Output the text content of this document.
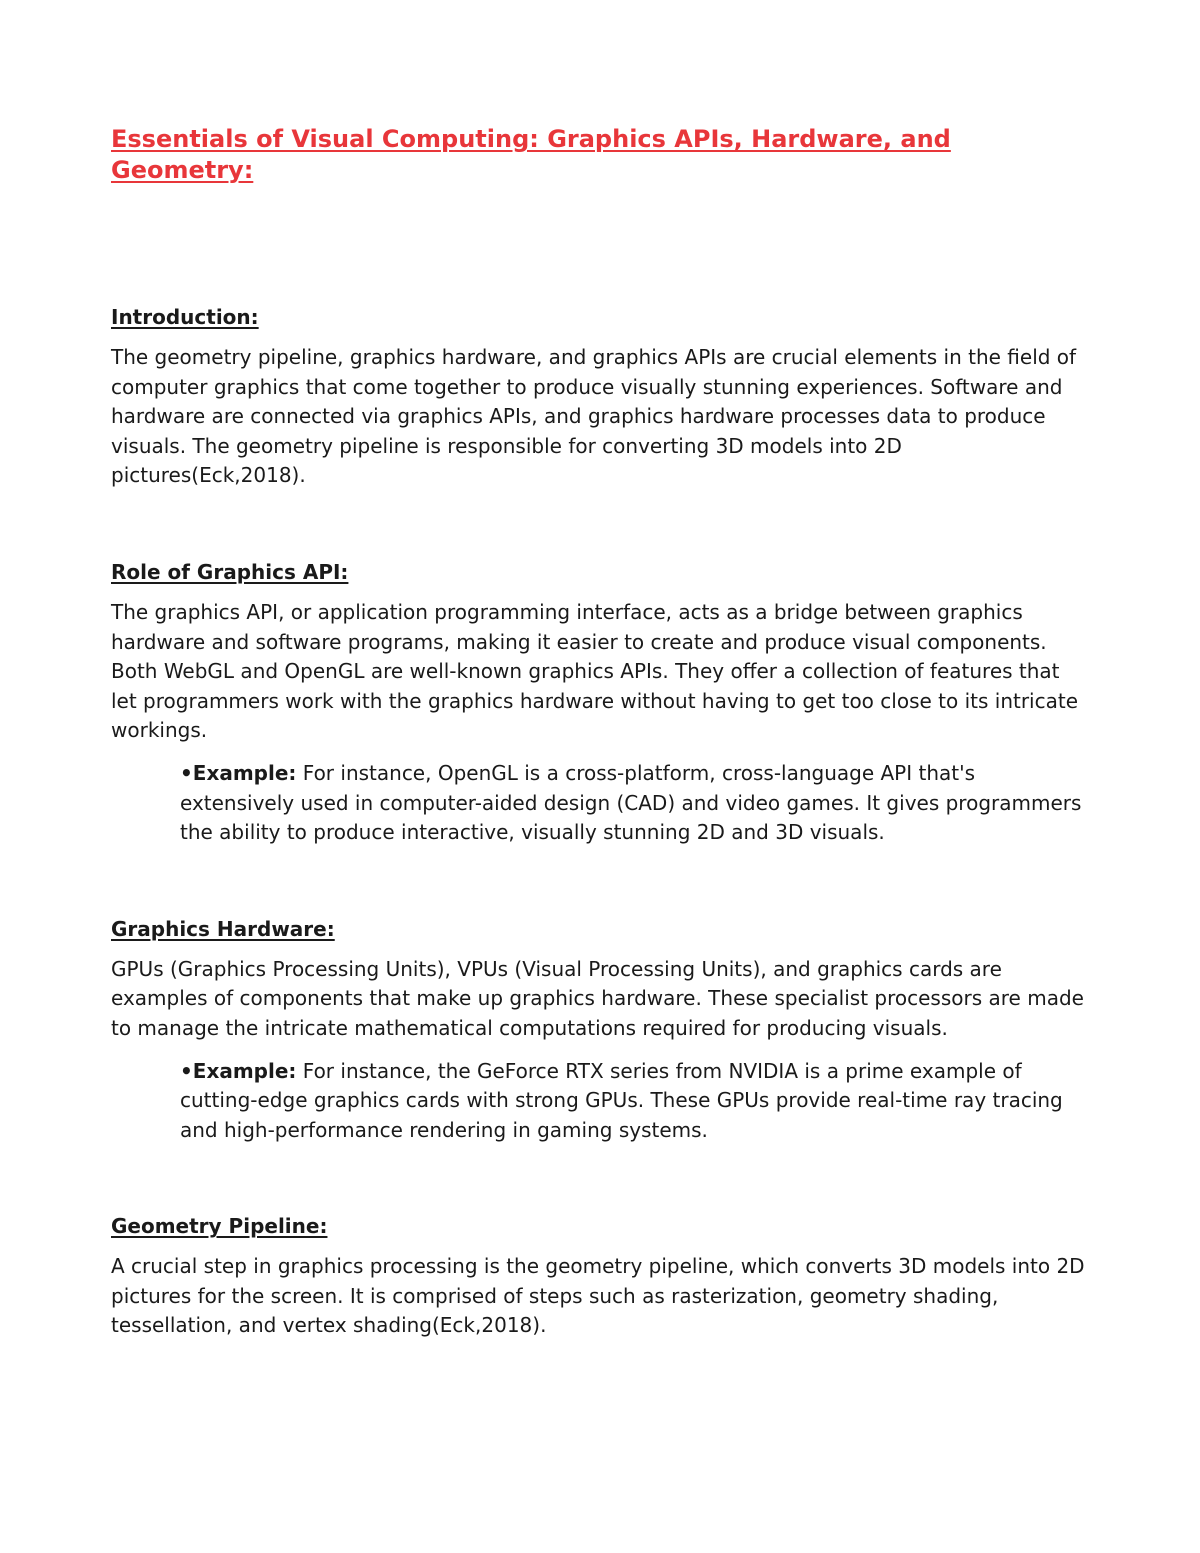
Essentials of Visual Computing: Graphics APIs, Hardware, and Geometry:
Introduction:

The geometry pipeline, graphics hardware, and graphics APIs are crucial elements in the field of computer graphics that come together to produce visually stunning experiences. Software and hardware are connected via graphics APIs, and graphics hardware processes data to produce visuals. The geometry pipeline is responsible for converting 3D models into 2D pictures(Eck,2018).

Role of Graphics API:

The graphics API, or application programming interface, acts as a bridge between graphics hardware and software programs, making it easier to create and produce visual components. Both WebGL and OpenGL are well-known graphics APIs. They offer a collection of features that let programmers work with the graphics hardware without having to get too close to its intricate workings.

•Example: For instance, OpenGL is a cross-platform, cross-language API that's extensively used in computer-aided design (CAD) and video games. It gives programmers the ability to produce interactive, visually stunning 2D and 3D visuals.

Graphics Hardware:

GPUs (Graphics Processing Units), VPUs (Visual Processing Units), and graphics cards are examples of components that make up graphics hardware. These specialist processors are made to manage the intricate mathematical computations required for producing visuals.

•Example: For instance, the GeForce RTX series from NVIDIA is a prime example of cutting-edge graphics cards with strong GPUs. These GPUs provide real-time ray tracing and high-performance rendering in gaming systems.

Geometry Pipeline:

A crucial step in graphics processing is the geometry pipeline, which converts 3D models into 2D pictures for the screen. It is comprised of steps such as rasterization, geometry shading, tessellation, and vertex shading(Eck,2018).
